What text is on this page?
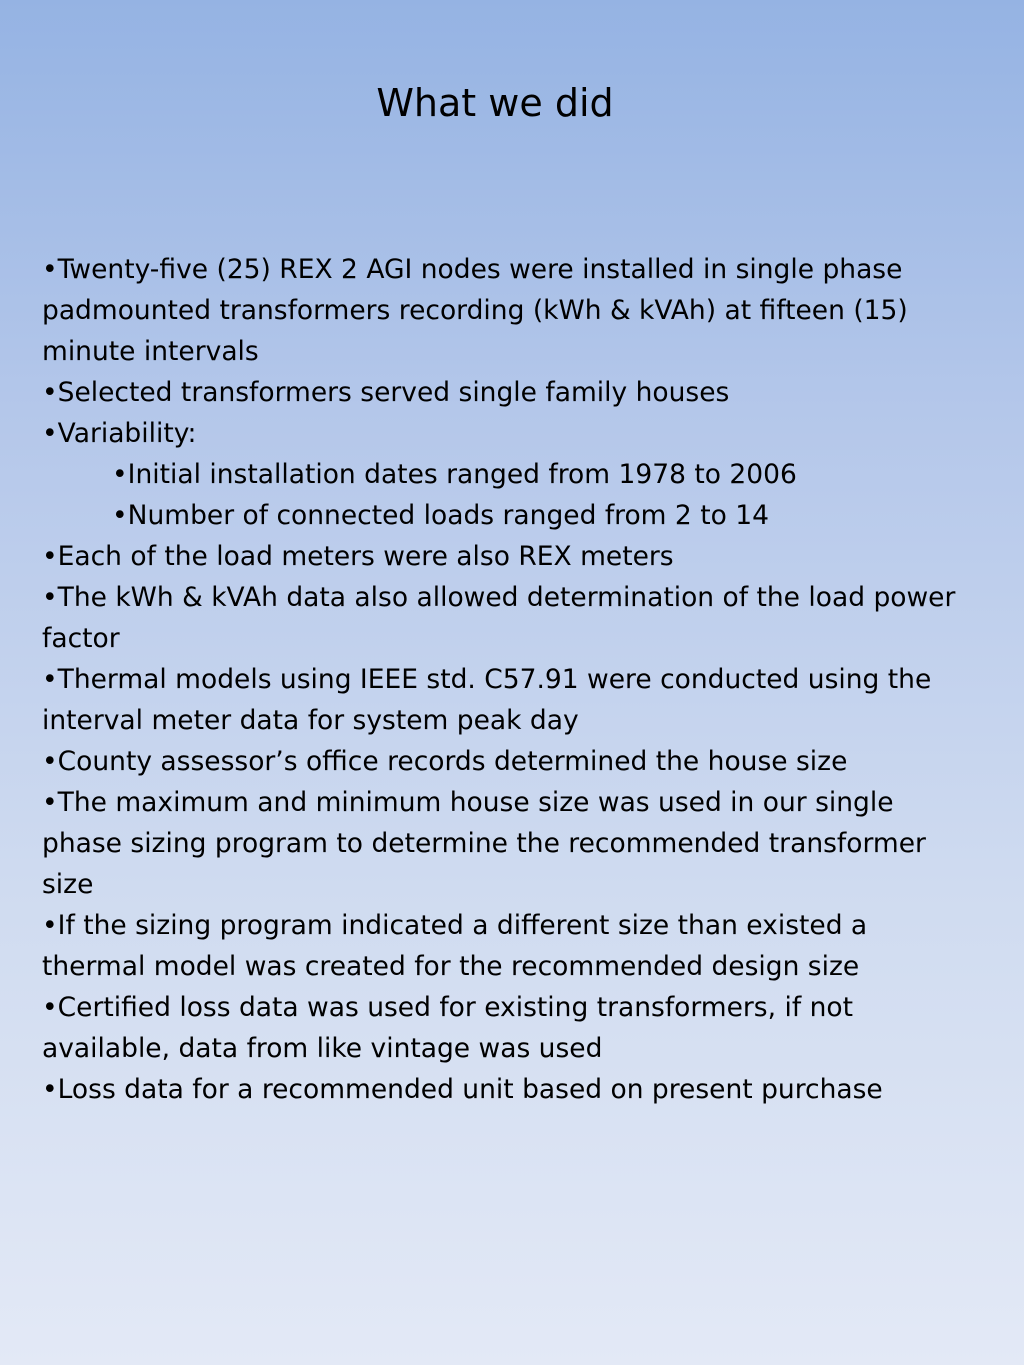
What we did
•Twenty-five (25) REX 2 AGI nodes were installed in single phase padmounted transformers recording (kWh & kVAh) at fifteen (15) minute intervals
•Selected transformers served single family houses
•Variability:
•Initial installation dates ranged from 1978 to 2006
•Number of connected loads ranged from 2 to 14
•Each of the load meters were also REX meters
•The kWh & kVAh data also allowed determination of the load power factor
•Thermal models using IEEE std. C57.91 were conducted using the interval meter data for system peak day
•County assessor’s office records determined the house size
•The maximum and minimum house size was used in our single phase sizing program to determine the recommended transformer size
•If the sizing program indicated a different size than existed a thermal model was created for the recommended design size
•Certified loss data was used for existing transformers, if not available, data from like vintage was used
•Loss data for a recommended unit based on present purchase
